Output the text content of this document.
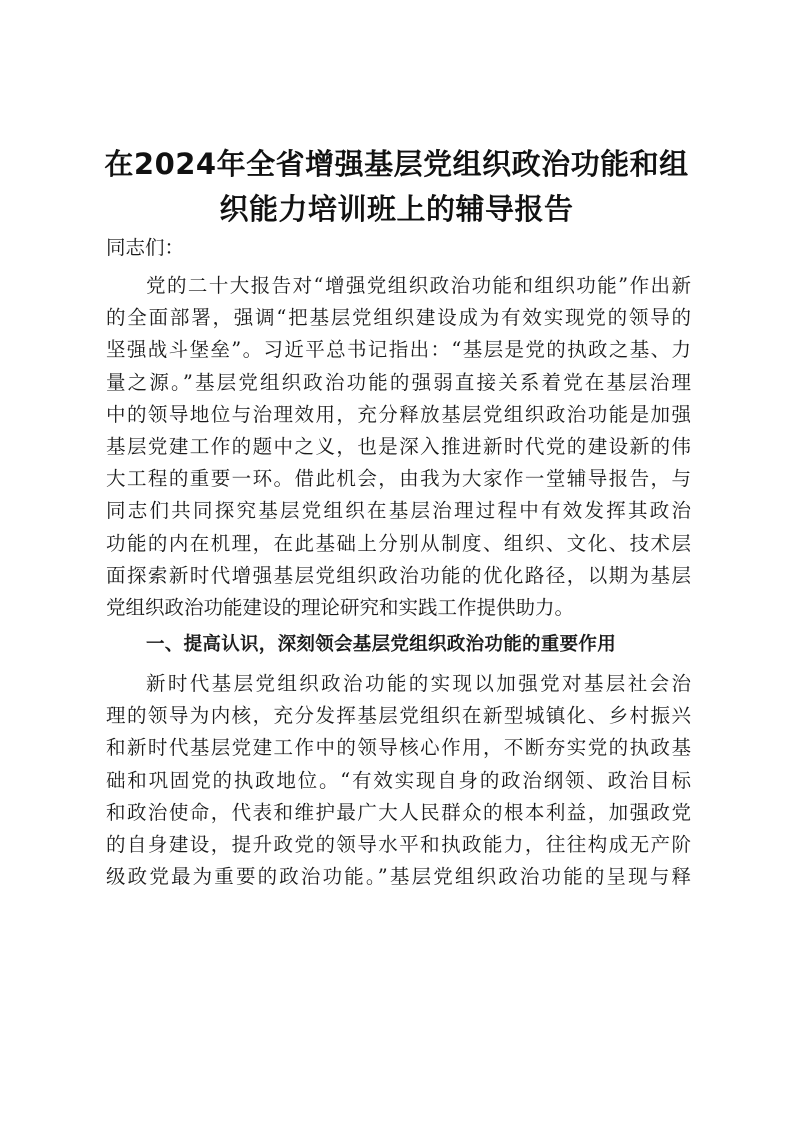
在2024年全省增强基层党组织政治功能和组
织能力培训班上的辅导报告
同志们：
党的二十大报告对“增强党组织政治功能和组织功能”作出新
的全面部署，强调“把基层党组织建设成为有效实现党的领导的
坚强战斗堡垒”。习近平总书记指出：“基层是党的执政之基、力
量之源。”基层党组织政治功能的强弱直接关系着党在基层治理
中的领导地位与治理效用，充分释放基层党组织政治功能是加强
基层党建工作的题中之义，也是深入推进新时代党的建设新的伟
大工程的重要一环。借此机会，由我为大家作一堂辅导报告，与
同志们共同探究基层党组织在基层治理过程中有效发挥其政治
功能的内在机理，在此基础上分别从制度、组织、文化、技术层
面探索新时代增强基层党组织政治功能的优化路径，以期为基层
党组织政治功能建设的理论研究和实践工作提供助力。
一、提高认识，深刻领会基层党组织政治功能的重要作用
新时代基层党组织政治功能的实现以加强党对基层社会治
理的领导为内核，充分发挥基层党组织在新型城镇化、乡村振兴
和新时代基层党建工作中的领导核心作用，不断夯实党的执政基
础和巩固党的执政地位。“有效实现自身的政治纲领、政治目标
和政治使命，代表和维护最广大人民群众的根本利益，加强政党
的自身建设，提升政党的领导水平和执政能力，往往构成无产阶
级政党最为重要的政治功能。”基层党组织政治功能的呈现与释
